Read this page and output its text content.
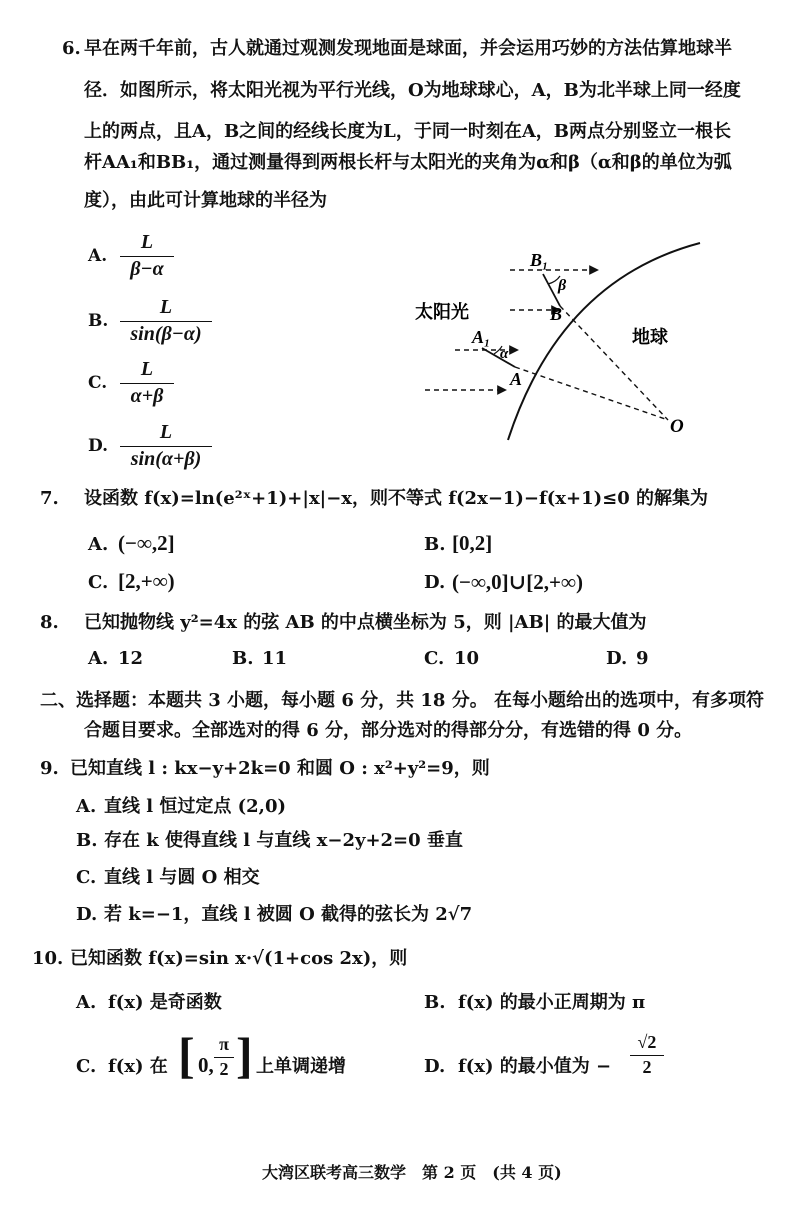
6. 早在两千年前，古人就通过观测发现地面是球面，并会运用巧妙的方法估算地球半
径．如图所示，将太阳光视为平行光线，O为地球球心，A，B为北半球上同一经度
上的两点，且A，B之间的经线长度为L，于同一时刻在A，B两点分别竖立一根长
杆AA₁和BB₁，通过测量得到两根长杆与太阳光的夹角为α和β（α和β的单位为弧
度），由此可计算地球的半径为
A.
L
β−α
B.
L
sin(β−α)
C.
L
α+β
D.
L
sin(α+β)
B₁
β
B
太阳光
A₁
α
A
地球
O
7. 设函数 f(x)=ln(e²ˣ+1)+|x|−x，则不等式 f(2x−1)−f(x+1)≤0 的解集为
A. (−∞,2]	B. [0,2]
C. [2,+∞)	D. (−∞,0]∪[2,+∞)
8. 已知抛物线 y²=4x 的弦 AB 的中点横坐标为 5，则 |AB| 的最大值为
A. 12	B. 11	C. 10	D. 9
二、选择题：本题共 3 小题，每小题 6 分，共 18 分。 在每小题给出的选项中，有多项符
合题目要求。全部选对的得 6 分，部分选对的得部分分，有选错的得 0 分。
9. 已知直线 l : kx−y+2k=0 和圆 O : x²+y²=9，则
A. 直线 l 恒过定点 (2,0)
B. 存在 k 使得直线 l 与直线 x−2y+2=0 垂直
C. 直线 l 与圆 O 相交
D. 若 k=−1，直线 l 被圆 O 截得的弦长为 2√7
10. 已知函数 f(x)=sin x·√(1+cos 2x)，则
A. f(x) 是奇函数	B. f(x) 的最小正周期为 π
C. f(x) 在 [ 0,
π
2 ] 上单调递增	D. f(x) 的最小值为 −
√2
2
大湾区联考高三数学　第 2 页　(共 4 页)
